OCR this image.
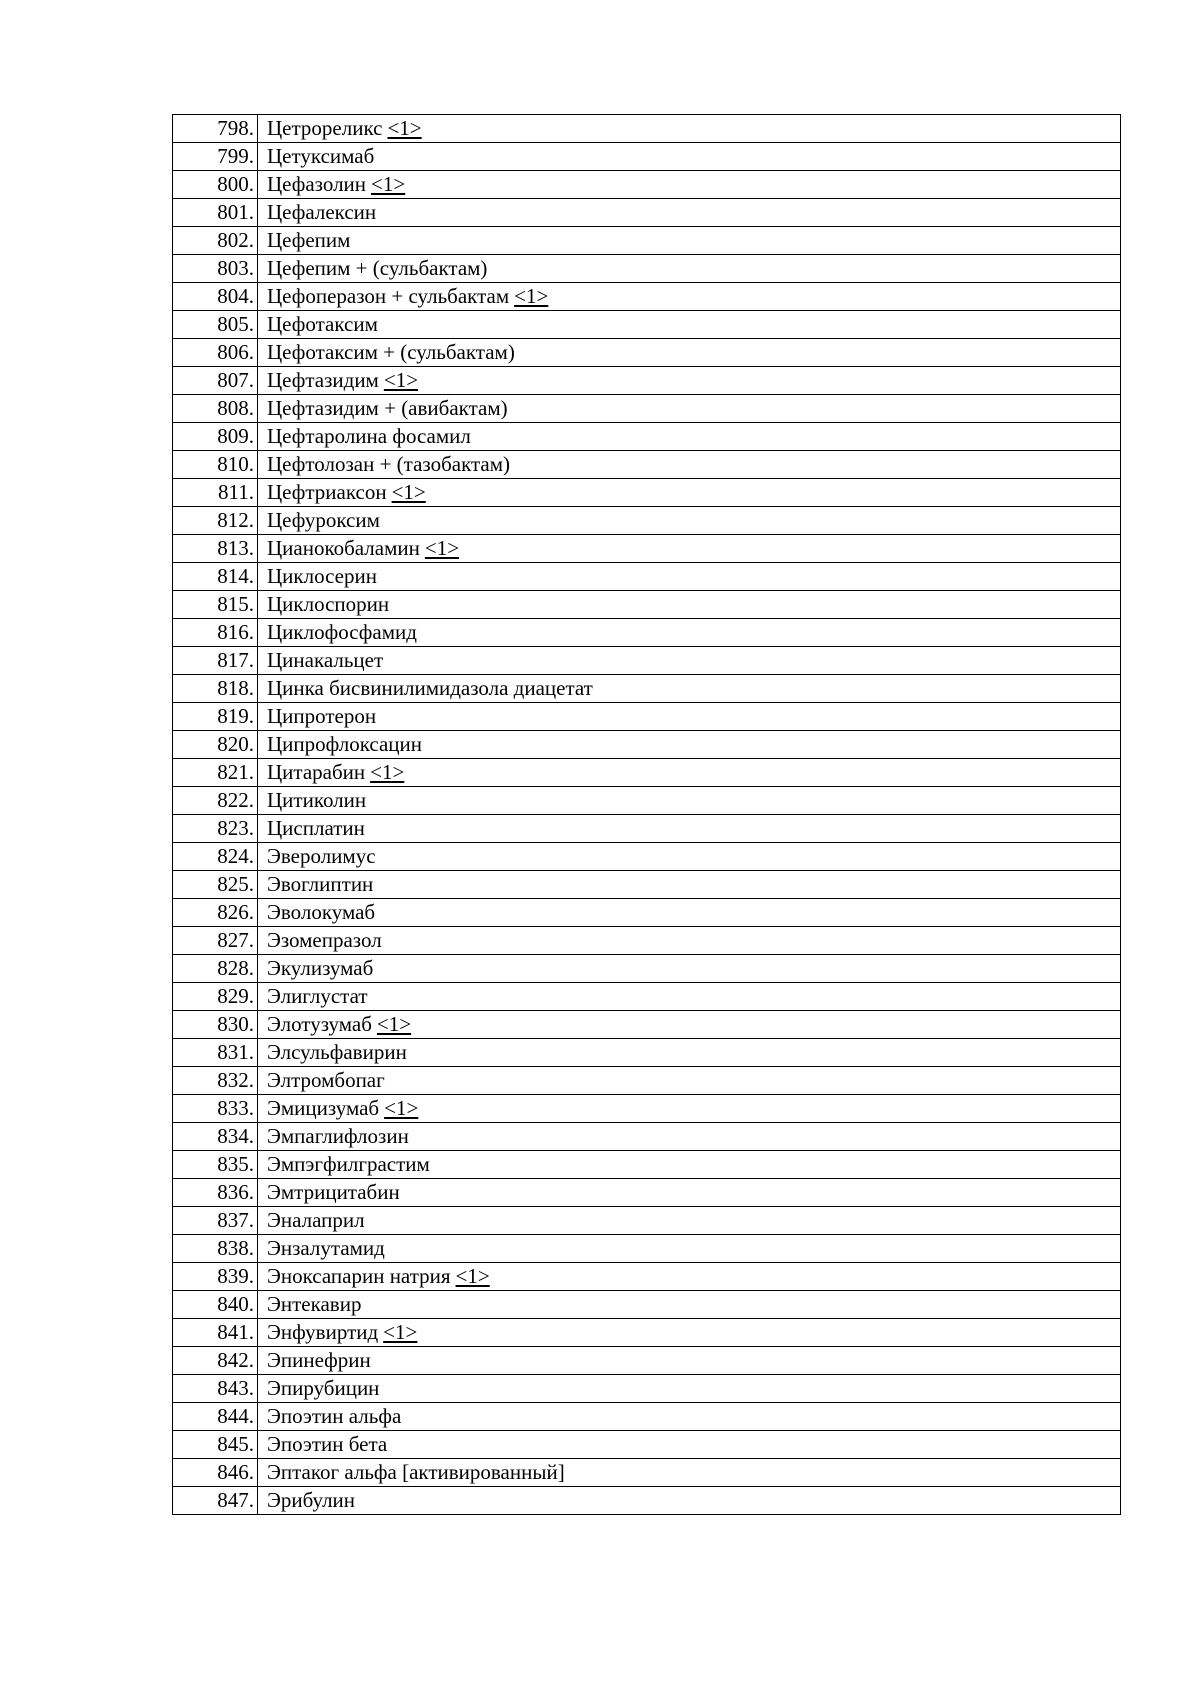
798.	Цетрореликс <1>
799.	Цетуксимаб
800.	Цефазолин <1>
801.	Цефалексин
802.	Цефепим
803.	Цефепим + (сульбактам)
804.	Цефоперазон + сульбактам <1>
805.	Цефотаксим
806.	Цефотаксим + (сульбактам)
807.	Цефтазидим <1>
808.	Цефтазидим + (авибактам)
809.	Цефтаролина фосамил
810.	Цефтолозан + (тазобактам)
811.	Цефтриаксон <1>
812.	Цефуроксим
813.	Цианокобаламин <1>
814.	Циклосерин
815.	Циклоспорин
816.	Циклофосфамид
817.	Цинакальцет
818.	Цинка бисвинилимидазола диацетат
819.	Ципротерон
820.	Ципрофлоксацин
821.	Цитарабин <1>
822.	Цитиколин
823.	Цисплатин
824.	Эверолимус
825.	Эвоглиптин
826.	Эволокумаб
827.	Эзомепразол
828.	Экулизумаб
829.	Элиглустат
830.	Элотузумаб <1>
831.	Элсульфавирин
832.	Элтромбопаг
833.	Эмицизумаб <1>
834.	Эмпаглифлозин
835.	Эмпэгфилграстим
836.	Эмтрицитабин
837.	Эналаприл
838.	Энзалутамид
839.	Эноксапарин натрия <1>
840.	Энтекавир
841.	Энфувиртид <1>
842.	Эпинефрин
843.	Эпирубицин
844.	Эпоэтин альфа
845.	Эпоэтин бета
846.	Эптаког альфа [активированный]
847.	Эрибулин
